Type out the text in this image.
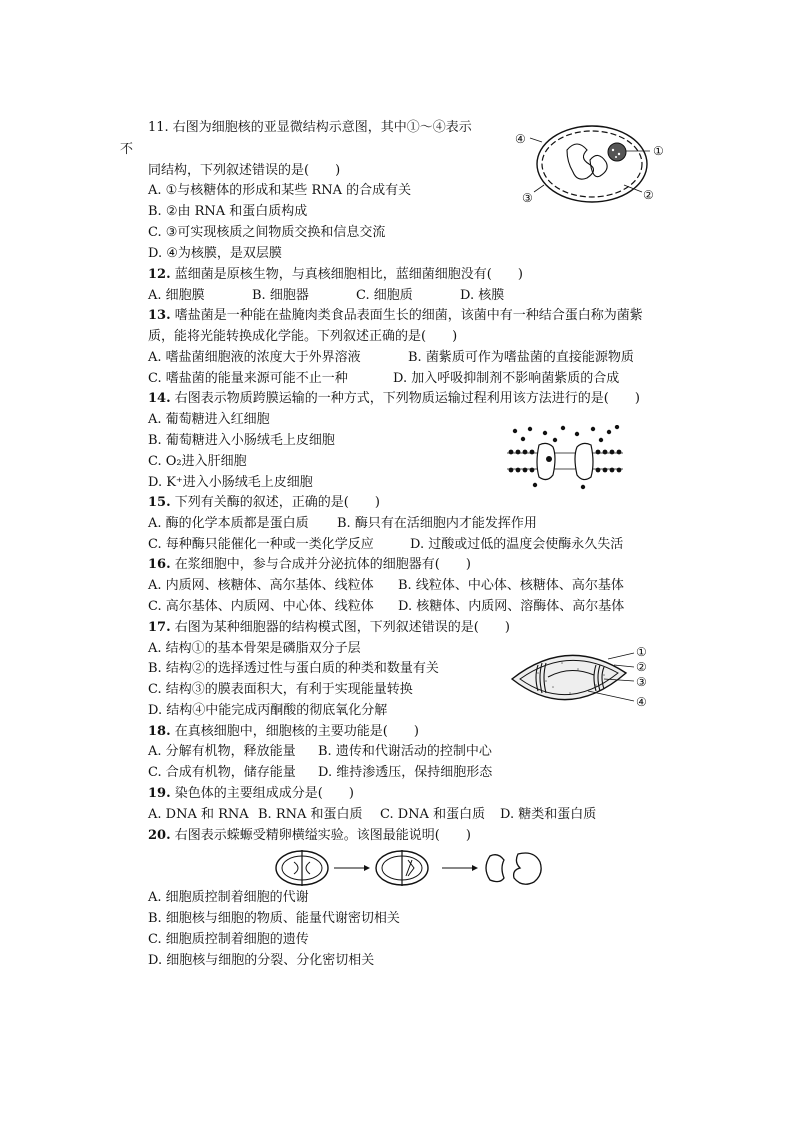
不
11. 右图为细胞核的亚显微结构示意图，其中①～④表示
同结构，下列叙述错误的是(　　)
A. ①与核糖体的形成和某些 RNA 的合成有关
B. ②由 RNA 和蛋白质构成
C. ③可实现核质之间物质交换和信息交流
D. ④为核膜，是双层膜
①
②
③
④
12. 蓝细菌是原核生物，与真核细胞相比，蓝细菌细胞没有(　　)
A. 细胞膜	B. 细胞器	C. 细胞质	D. 核膜
13. 嗜盐菌是一种能在盐腌肉类食品表面生长的细菌，该菌中有一种结合蛋白称为菌紫
质，能将光能转换成化学能。下列叙述正确的是(　　)
A. 嗜盐菌细胞液的浓度大于外界溶液	B. 菌紫质可作为嗜盐菌的直接能源物质
C. 嗜盐菌的能量来源可能不止一种	D. 加入呼吸抑制剂不影响菌紫质的合成
14. 右图表示物质跨膜运输的一种方式，下列物质运输过程利用该方法进行的是(　　)
A. 葡萄糖进入红细胞
B. 葡萄糖进入小肠绒毛上皮细胞
C. O₂进入肝细胞
D. K⁺进入小肠绒毛上皮细胞
15. 下列有关酶的叙述，正确的是(　　)
A. 酶的化学本质都是蛋白质 B. 酶只有在活细胞内才能发挥作用
C. 每种酶只能催化一种或一类化学反应	D. 过酸或过低的温度会使酶永久失活
16. 在浆细胞中，参与合成并分泌抗体的细胞器有(　　)
A. 内质网、核糖体、高尔基体、线粒体 B. 线粒体、中心体、核糖体、高尔基体
C. 高尔基体、内质网、中心体、线粒体 D. 核糖体、内质网、溶酶体、高尔基体
17. 右图为某种细胞器的结构模式图，下列叙述错误的是(　　)
A. 结构①的基本骨架是磷脂双分子层
B. 结构②的选择透过性与蛋白质的种类和数量有关
C. 结构③的膜表面积大，有利于实现能量转换
D. 结构④中能完成丙酮酸的彻底氧化分解
①
②
③
④
18. 在真核细胞中，细胞核的主要功能是(　　)
A. 分解有机物，释放能量 B. 遗传和代谢活动的控制中心
C. 合成有机物，储存能量 D. 维持渗透压，保持细胞形态
19. 染色体的主要组成成分是(　　)
A. DNA 和 RNA B. RNA 和蛋白质 C. DNA 和蛋白质 D. 糖类和蛋白质
20. 右图表示蝾螈受精卵横缢实验。该图最能说明(　　)
A. 细胞质控制着细胞的代谢
B. 细胞核与细胞的物质、能量代谢密切相关
C. 细胞质控制着细胞的遗传
D. 细胞核与细胞的分裂、分化密切相关
